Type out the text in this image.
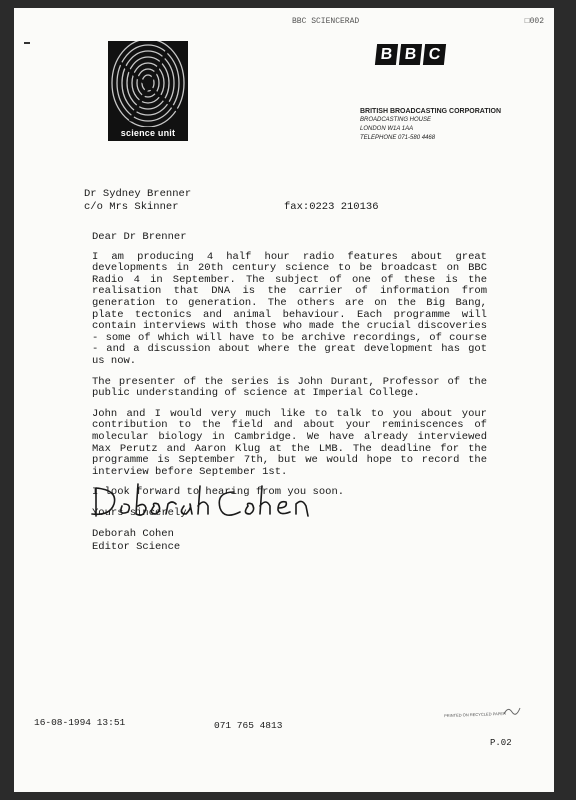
BBC SCIENCERAD	□002
science unit
B B C
BRITISH BROADCASTING CORPORATION
BROADCASTING HOUSE
LONDON W1A 1AA
TELEPHONE 071-580 4468
Dr Sydney Brenner
c/o Mrs Skinner	fax:0223 210136

Dear Dr Brenner

I am producing 4 half hour radio features about great developments in 20th century science to be broadcast on BBC Radio 4 in September. The subject of one of these is the realisation that DNA is the carrier of information from generation to generation. The others are on the Big Bang, plate tectonics and animal behaviour. Each programme will contain interviews with those who made the crucial discoveries - some of which will have to be archive recordings, of course - and a discussion about where the great development has got us now.

The presenter of the series is John Durant, Professor of the public understanding of science at Imperial College.

John and I would very much like to talk to you about your contribution to the field and about your reminiscences of molecular biology in Cambridge. We have already interviewed Max Perutz and Aaron Klug at the LMB. The deadline for the programme is September 7th, but we would hope to record the interview before September 1st.

I look forward to hearing from you soon.

Yours sincerely

Deborah Cohen
Editor Science
PRINTED ON RECYCLED PAPER
16-08-1994 13:51	071 765 4813
P.02
